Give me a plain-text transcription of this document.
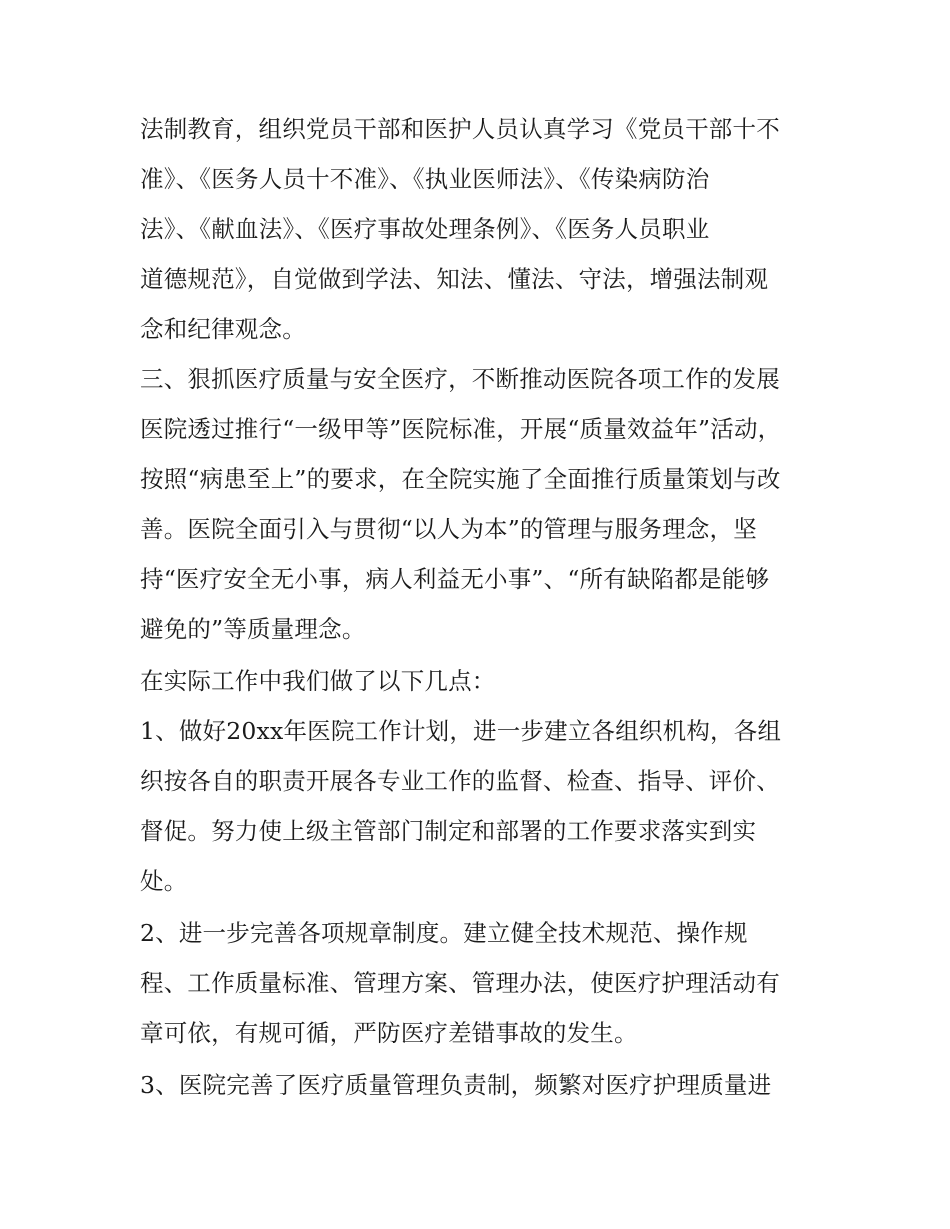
法制教育，组织党员干部和医护人员认真学习《党员干部十不
准》、《医务人员十不准》、《执业医师法》、《传染病防治
法》、《献血法》、《医疗事故处理条例》、《医务人员职业
道德规范》，自觉做到学法、知法、懂法、守法，增强法制观
念和纪律观念。
三、狠抓医疗质量与安全医疗，不断推动医院各项工作的发展
医院透过推行“一级甲等”医院标准，开展“质量效益年”活动，
按照“病患至上”的要求，在全院实施了全面推行质量策划与改
善。医院全面引入与贯彻“以人为本”的管理与服务理念，坚
持“医疗安全无小事，病人利益无小事”、“所有缺陷都是能够
避免的”等质量理念。
在实际工作中我们做了以下几点：
1、做好20xx年医院工作计划，进一步建立各组织机构，各组
织按各自的职责开展各专业工作的监督、检查、指导、评价、
督促。努力使上级主管部门制定和部署的工作要求落实到实
处。
2、进一步完善各项规章制度。建立健全技术规范、操作规
程、工作质量标准、管理方案、管理办法，使医疗护理活动有
章可依，有规可循，严防医疗差错事故的发生。
3、医院完善了医疗质量管理负责制，频繁对医疗护理质量进
